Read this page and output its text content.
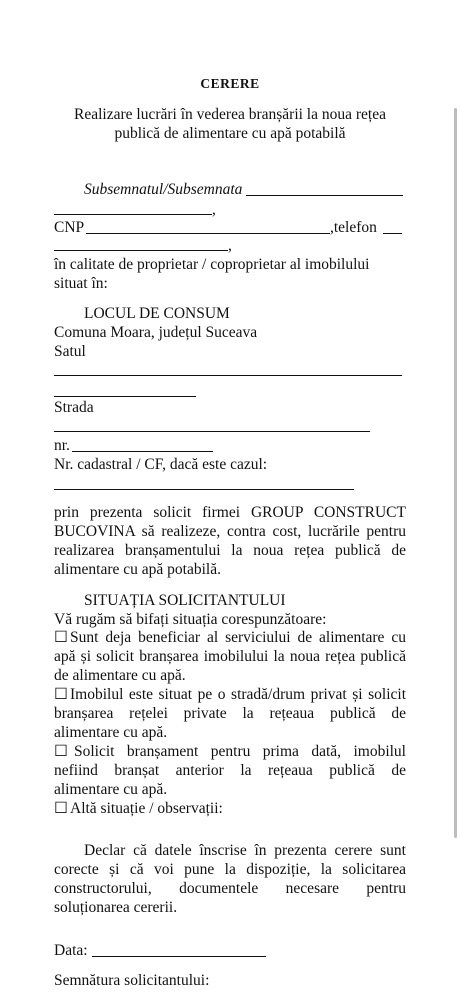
CERERE
Realizare lucrări în vederea branșării la noua rețea
publică de alimentare cu apă potabilă
Subsemnatul/Subsemnata
,
CNP	,telefon
,
în calitate de proprietar / coproprietar al imobilului
situat în:
LOCUL DE CONSUM
Comuna Moara, județul Suceava
Satul
Strada
nr.
Nr. cadastral / CF, dacă este cazul:
prin prezenta solicit firmei GROUP CONSTRUCT
BUCOVINA să realizeze, contra cost, lucrările pentru
realizarea branșamentului la noua rețea publică de
alimentare cu apă potabilă.
SITUAȚIA SOLICITANTULUI
Vă rugăm să bifați situația corespunzătoare:
☐ Sunt deja beneficiar al serviciului de alimentare cu
apă și solicit branșarea imobilului la noua rețea publică
de alimentare cu apă.
☐ Imobilul este situat pe o stradă/drum privat și solicit
branșarea rețelei private la rețeaua publică de
alimentare cu apă.
☐ Solicit branșament pentru prima dată, imobilul
nefiind branșat anterior la rețeaua publică de
alimentare cu apă.
☐ Altă situație / observații:
Declar că datele înscrise în prezenta cerere sunt
corecte și că voi pune la dispoziție, la solicitarea
constructorului, documentele necesare pentru
soluționarea cererii.
Data:
Semnătura solicitantului:
